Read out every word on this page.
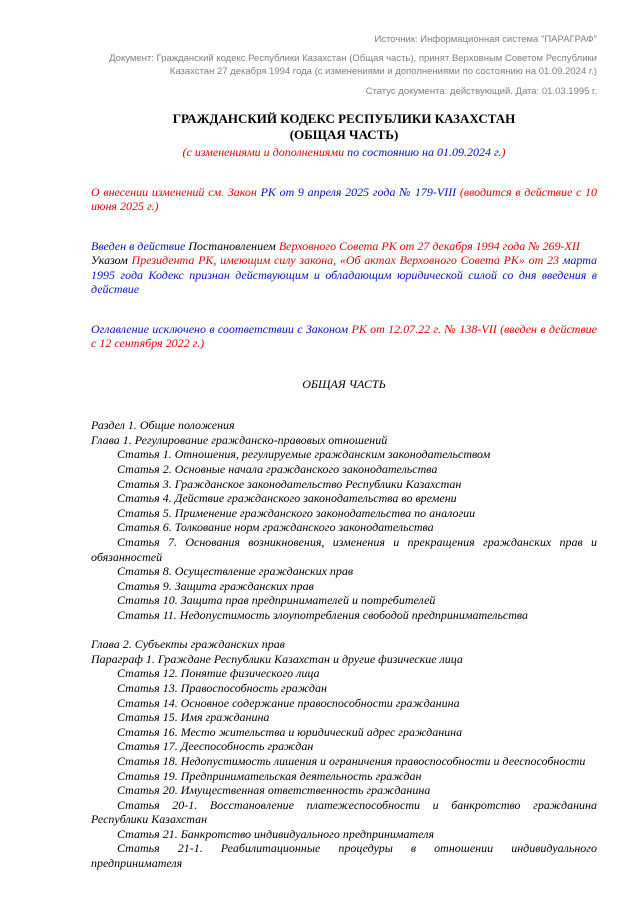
Источник: Информационная система "ПАРАГРАФ"

Документ: Гражданский кодекс Республики Казахстан (Общая часть), принят Верховным Советом Республики Казахстан 27 декабря 1994 года (с изменениями и дополнениями по состоянию на 01.09.2024 г.)

Статус документа: действующий. Дата: 01.03.1995 г.

ГРАЖДАНСКИЙ КОДЕКС РЕСПУБЛИКИ КАЗАХСТАН
(ОБЩАЯ ЧАСТЬ)

(с изменениями и дополнениями по состоянию на 01.09.2024 г.)

О внесении изменений см. Закон РК от 9 апреля 2025 года № 179-VIII (вводится в действие с 10 июня 2025 г.)

Введен в действие Постановлением Верховного Совета РК от 27 декабря 1994 года № 269-XII

Указом Президента РК, имеющим силу закона, «Об актах Верховного Совета РК» от 23 марта 1995 года Кодекс признан действующим и обладающим юридической силой со дня введения в действие

Оглавление исключено в соответствии с Законом РК от 12.07.22 г. № 138-VII (введен в действие с 12 сентября 2022 г.)

ОБЩАЯ ЧАСТЬ

Раздел 1. Общие положения

Глава 1. Регулирование гражданско-правовых отношений

Статья 1. Отношения, регулируемые гражданским законодательством

Статья 2. Основные начала гражданского законодательства

Статья 3. Гражданское законодательство Республики Казахстан

Статья 4. Действие гражданского законодательства во времени

Статья 5. Применение гражданского законодательства по аналогии

Статья 6. Толкование норм гражданского законодательства

Статья 7. Основания возникновения, изменения и прекращения гражданских прав и обязанностей

Статья 8. Осуществление гражданских прав

Статья 9. Защита гражданских прав

Статья 10. Защита прав предпринимателей и потребителей

Статья 11. Недопустимость злоупотребления свободой предпринимательства

Глава 2. Субъекты гражданских прав

Параграф 1. Граждане Республики Казахстан и другие физические лица

Статья 12. Понятие физического лица

Статья 13. Правоспособность граждан

Статья 14. Основное содержание правоспособности гражданина

Статья 15. Имя гражданина

Статья 16. Место жительства и юридический адрес гражданина

Статья 17. Дееспособность граждан

Статья 18. Недопустимость лишения и ограничения правоспособности и дееспособности

Статья 19. Предпринимательская деятельность граждан

Статья 20. Имущественная ответственность гражданина

Статья 20-1. Восстановление платежеспособности и банкротство гражданина Республики Казахстан

Статья 21. Банкротство индивидуального предпринимателя

Статья 21-1. Реабилитационные процедуры в отношении индивидуального предпринимателя
